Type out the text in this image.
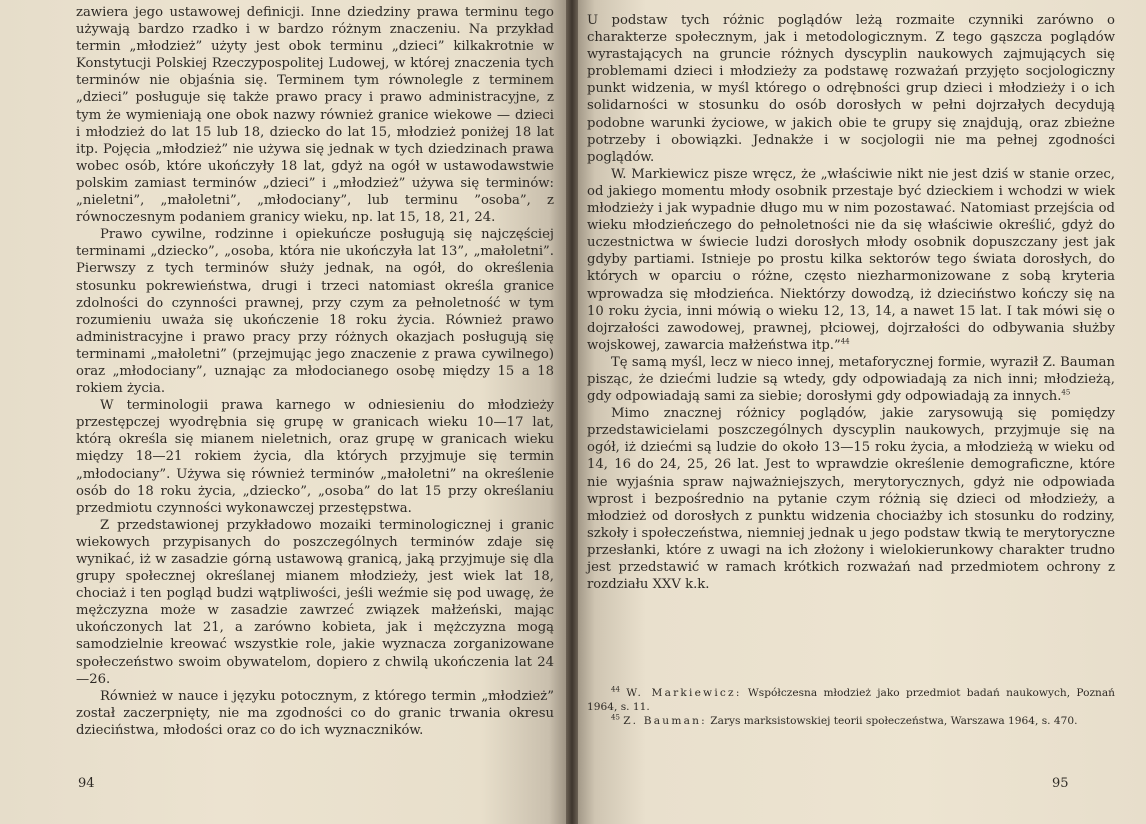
zawiera jego ustawowej definicji. Inne dziedziny prawa terminu tego używają bardzo rzadko i w bardzo różnym znaczeniu. Na przykład termin „młodzież” użyty jest obok terminu „dzieci” kilkakrotnie w Konstytucji Polskiej Rzeczypospolitej Ludowej, w której znaczenia tych terminów nie objaśnia się. Terminem tym równolegle z terminem „dzieci” posługuje się także prawo pracy i prawo administracyjne, z tym że wymieniają one obok nazwy również granice wiekowe — dzieci i młodzież do lat 15 lub 18, dziecko do lat 15, młodzież poniżej 18 lat itp. Pojęcia „młodzież” nie używa się jednak w tych dziedzinach prawa wobec osób, które ukończyły 18 lat, gdyż na ogół w ustawodawstwie polskim zamiast terminów „dzieci” i „młodzież” używa się terminów: „nieletni”, „małoletni”, „młodociany”, lub terminu ”osoba”, z równoczesnym podaniem granicy wieku, np. lat 15, 18, 21, 24.

Prawo cywilne, rodzinne i opiekuńcze posługują się najczęściej terminami „dziecko”, „osoba, która nie ukończyła lat 13”, „małoletni”. Pierwszy z tych terminów służy jednak, na ogół, do określenia stosunku pokrewieństwa, drugi i trzeci natomiast określa granice zdolności do czynności prawnej, przy czym za pełnoletność w tym rozumieniu uważa się ukończenie 18 roku życia. Również prawo administracyjne i prawo pracy przy różnych okazjach posługują się terminami „małoletni” (przejmując jego znaczenie z prawa cywilnego) oraz „młodociany”, uznając za młodocianego osobę między 15 a 18 rokiem życia.

W terminologii prawa karnego w odniesieniu do młodzieży przestępczej wyodrębnia się grupę w granicach wieku 10—17 lat, którą określa się mianem nieletnich, oraz grupę w granicach wieku między 18—21 rokiem życia, dla których przyjmuje się termin „młodociany”. Używa się również terminów „małoletni” na określenie osób do 18 roku życia, „dziecko”, „osoba” do lat 15 przy określaniu przedmiotu czynności wykonawczej przestępstwa.

Z przedstawionej przykładowo mozaiki terminologicznej i granic wiekowych przypisanych do poszczególnych terminów zdaje się wynikać, iż w zasadzie górną ustawową granicą, jaką przyjmuje się dla grupy społecznej określanej mianem młodzieży, jest wiek lat 18, chociaż i ten pogląd budzi wątpliwości, jeśli weźmie się pod uwagę, że mężczyzna może w zasadzie zawrzeć związek małżeński, mając ukończonych lat 21, a zarówno kobieta, jak i mężczyzna mogą samodzielnie kreować wszystkie role, jakie wyznacza zorganizowane społeczeństwo swoim obywatelom, dopiero z chwilą ukończenia lat 24—26.

Również w nauce i języku potocznym, z którego termin „młodzież” został zaczerpnięty, nie ma zgodności co do granic trwania okresu dzieciństwa, młodości oraz co do ich wyznaczników.

94

U podstaw tych różnic poglądów leżą rozmaite czynniki zarówno o charakterze społecznym, jak i metodologicznym. Z tego gąszcza poglądów wyrastających na gruncie różnych dyscyplin naukowych zajmujących się problemami dzieci i młodzieży za podstawę rozważań przyjęto socjologiczny punkt widzenia, w myśl którego o odrębności grup dzieci i młodzieży i o ich solidarności w stosunku do osób dorosłych w pełni dojrzałych decydują podobne warunki życiowe, w jakich obie te grupy się znajdują, oraz zbieżne potrzeby i obowiązki. Jednakże i w socjologii nie ma pełnej zgodności poglądów.

W. Markiewicz pisze wręcz, że „właściwie nikt nie jest dziś w stanie orzec, od jakiego momentu młody osobnik przestaje być dzieckiem i wchodzi w wiek młodzieży i jak wypadnie długo mu w nim pozostawać. Natomiast przejścia od wieku młodzieńczego do pełnoletności nie da się właściwie określić, gdyż do uczestnictwa w świecie ludzi dorosłych młody osobnik dopuszczany jest jak gdyby partiami. Istnieje po prostu kilka sektorów tego świata dorosłych, do których w oparciu o różne, często niezharmonizowane z sobą kryteria wprowadza się młodzieńca. Niektórzy dowodzą, iż dzieciństwo kończy się na 10 roku życia, inni mówią o wieku 12, 13, 14, a nawet 15 lat. I tak mówi się o dojrzałości zawodowej, prawnej, płciowej, dojrzałości do odbywania służby wojskowej, zawarcia małżeństwa itp.”$^{44}$

Tę samą myśl, lecz w nieco innej, metaforycznej formie, wyraził Z. Bauman pisząc, że dziećmi ludzie są wtedy, gdy odpowiadają za nich inni; młodzieżą, gdy odpowiadają sami za siebie; dorosłymi gdy odpowiadają za innych.$^{45}$

Mimo znacznej różnicy poglądów, jakie zarysowują się pomiędzy przedstawicielami poszczególnych dyscyplin naukowych, przyjmuje się na ogół, iż dziećmi są ludzie do około 13—15 roku życia, a młodzieżą w wieku od 14, 16 do 24, 25, 26 lat. Jest to wprawdzie określenie demograficzne, które nie wyjaśnia spraw najważniejszych, merytorycznych, gdyż nie odpowiada wprost i bezpośrednio na pytanie czym różnią się dzieci od młodzieży, a młodzież od dorosłych z punktu widzenia chociażby ich stosunku do rodziny, szkoły i społeczeństwa, niemniej jednak u jego podstaw tkwią te merytoryczne przesłanki, które z uwagi na ich złożony i wielokierunkowy charakter trudno jest przedstawić w ramach krótkich rozważań nad przedmiotem ochrony z rozdziału XXV k.k.

$^{44}$ W. Markiewicz: Współczesna młodzież jako przedmiot badań naukowych, Poznań 1964, s. 11.

$^{45}$ Z. Bauman: Zarys marksistowskiej teorii społeczeństwa, Warszawa 1964, s. 470.

95
